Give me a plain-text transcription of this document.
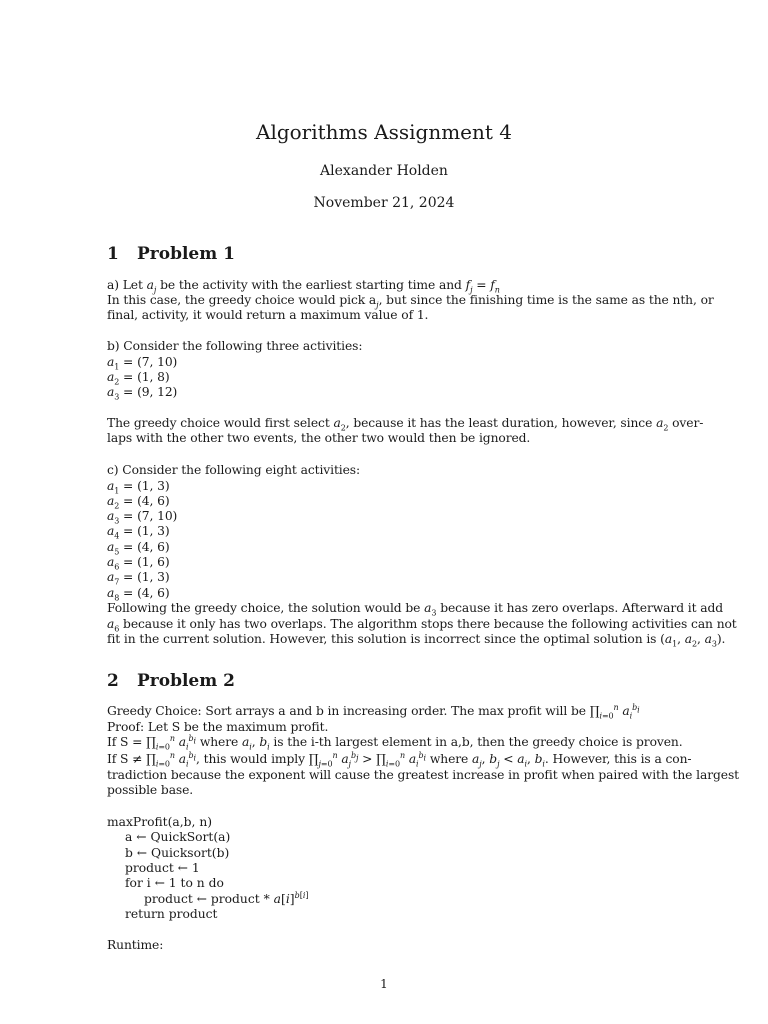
Algorithms Assignment 4
Alexander Holden
November 21, 2024
1 Problem 1
a) Let $a_j$ be the activity with the earliest starting time and $f_j = f_n$
In this case, the greedy choice would pick $a_j$, but since the finishing time is the same as the nth, or
final, activity, it would return a maximum value of 1.
b) Consider the following three activities:
$a_1 = (7$, 10)
$a_2 = (1$, 8)
$a_3 = (9$, 12)
The greedy choice would first select $a_2$, because it has the least duration, however, since $a_2$ over-
laps with the other two events, the other two would then be ignored.
c) Consider the following eight activities:
$a_1 = (1$, 3)
$a_2 = (4$, 6)
$a_3 = (7$, 10)
$a_4 = (1$, 3)
$a_5 = (4$, 6)
$a_6 = (1$, 6)
$a_7 = (1$, 3)
$a_8 = (4$, 6)
Following the greedy choice, the solution would be $a_3$ because it has zero overlaps. Afterward it add
$a_6$ because it only has two overlaps. The algorithm stops there because the following activities can not
fit in the current solution. However, this solution is incorrect since the optimal solution is ($a_1$, $a_2$, $a_3$).
2 Problem 2
Greedy Choice: Sort arrays a and b in increasing order. The max profit will be $\prod_{i=0}^n$ $a_i^{b_i}$
Proof: Let S be the maximum profit.
If $S = \prod_{i=0}^n$ $a_i^{b_i}$ where $a_i$, $b_i$ is the i-th largest element in a,b, then the greedy choice is proven.
If $S \ne \prod_{i=0}^n$ $a_i^{b_i}$, this would imply $\prod_{j=0}^n$ $a_j^{b_j}$ > $\prod_{i=0}^n$ $a_i^{b_i}$ where $a_j$, $b_j < a_i$, $b_i$. However, this is a con-
tradiction because the exponent will cause the greatest increase in profit when paired with the largest
possible base.
maxProfit(a,b, n)
a ← QuickSort(a)
b ← Quicksort(b)
product ← 1
for i ← 1 to n do
product ← product * $a[i]^{b[i]}$
return product
Runtime:
1
